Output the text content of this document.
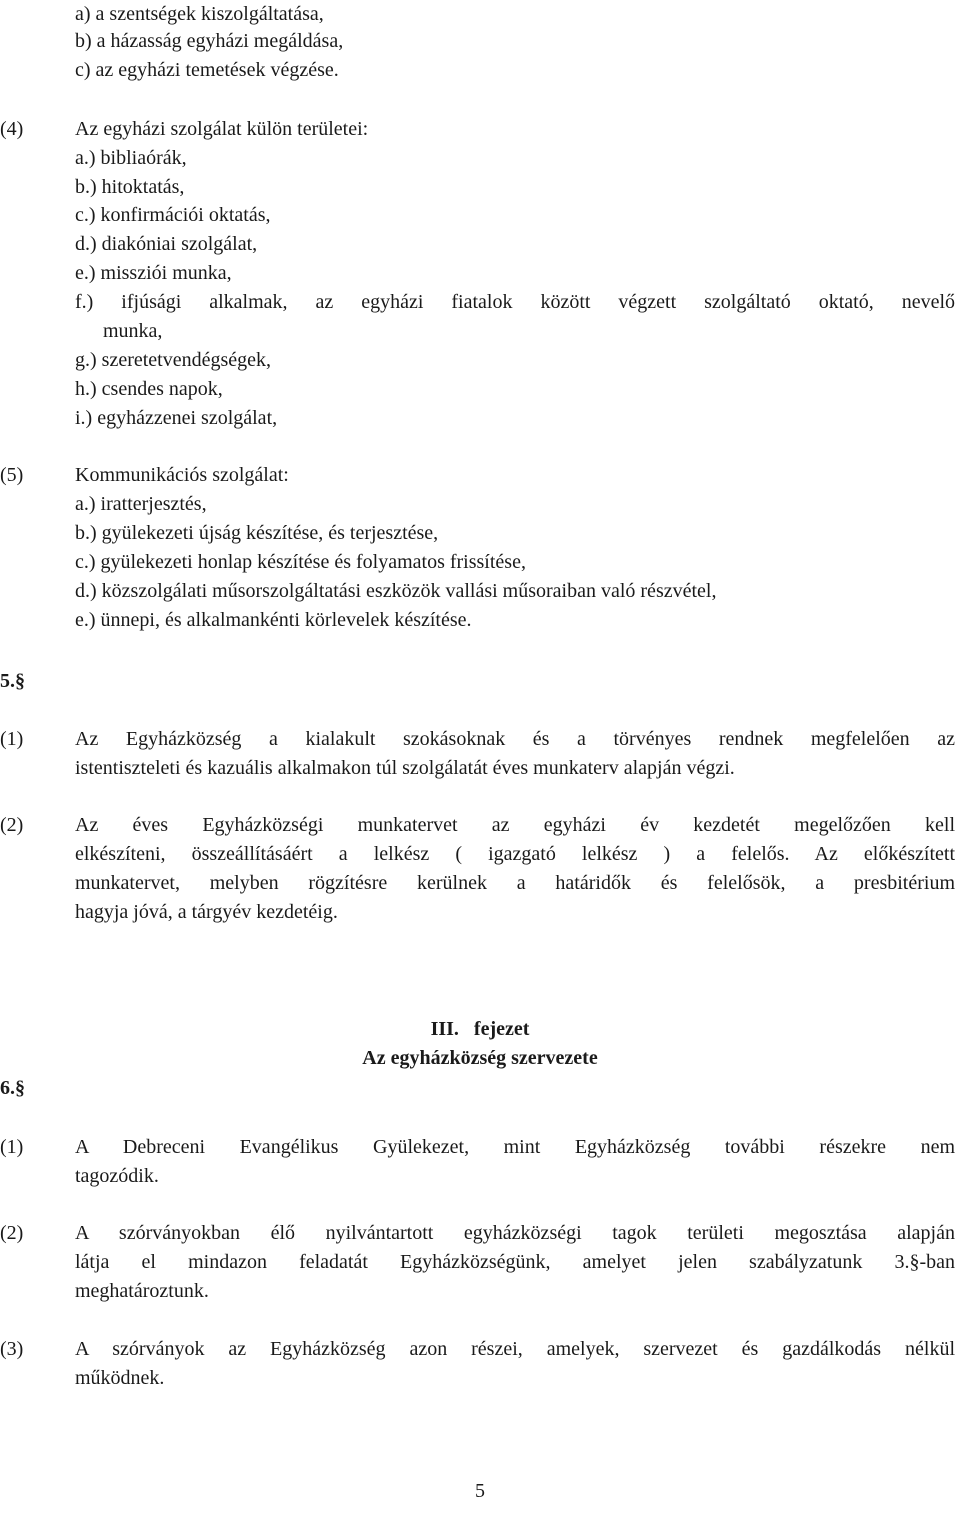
a) a szentségek kiszolgáltatása,
b) a házasság egyházi megáldása,
c) az egyházi temetések végzése.
(4)	Az egyházi szolgálat külön területei:
a.) bibliaórák,
b.) hitoktatás,
c.) konfirmációi oktatás,
d.) diakóniai szolgálat,
e.) missziói munka,
f.) ifjúsági alkalmak, az egyházi fiatalok között végzett szolgáltató oktató, nevelő
munka,
g.) szeretetvendégségek,
h.) csendes napok,
i.) egyházzenei szolgálat,
(5)	Kommunikációs szolgálat:
a.) iratterjesztés,
b.) gyülekezeti újság készítése, és terjesztése,
c.) gyülekezeti honlap készítése és folyamatos frissítése,
d.) közszolgálati műsorszolgáltatási eszközök vallási műsoraiban való részvétel,
e.) ünnepi, és alkalmankénti körlevelek készítése.
5.§
(1)	Az Egyházközség a kialakult szokásoknak és a törvényes rendnek megfelelően az
istentiszteleti és kazuális alkalmakon túl szolgálatát éves munkaterv alapján végzi.
(2)	Az éves Egyházközségi munkatervet az egyházi év kezdetét megelőzően kell
elkészíteni, összeállításáért a lelkész ( igazgató lelkész ) a felelős. Az előkészített
munkatervet, melyben rögzítésre kerülnek a határidők és felelősök, a presbitérium
hagyja jóvá, a tárgyév kezdetéig.
III.   fejezet
Az egyházközség szervezete
6.§
(1)	A Debreceni Evangélikus Gyülekezet, mint Egyházközség további részekre nem
tagozódik.
(2)	A szórványokban élő nyilvántartott egyházközségi tagok területi megosztása alapján
látja el mindazon feladatát Egyházközségünk, amelyet jelen szabályzatunk 3.§-ban
meghatároztunk.
(3)	A szórványok az Egyházközség azon részei, amelyek, szervezet és gazdálkodás nélkül
működnek.
5
